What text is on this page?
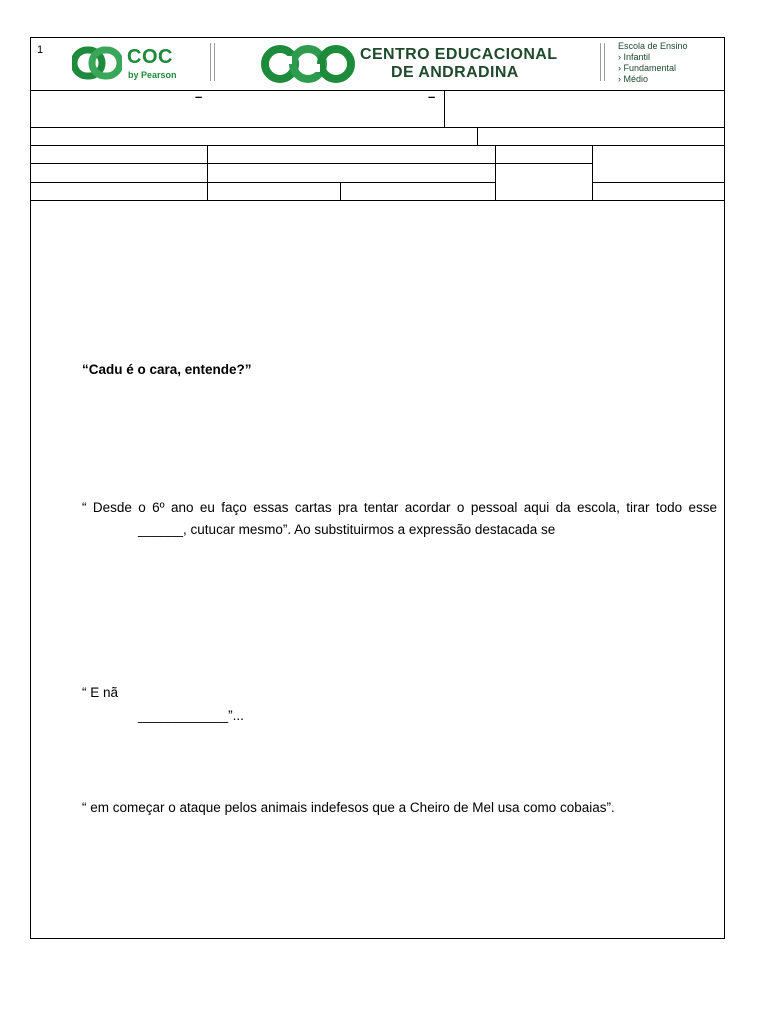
1	COC
by Pearson
CENTRO EDUCACIONAL
DE ANDRADINA
Escola de Ensino
› Infantil
› Fundamental
› Médio
–	–
“Cadu é o cara, entende?”
“ Desde o 6º ano eu faço essas cartas pra tentar acordar o pessoal aqui da escola, tirar todo esse
______, cutucar mesmo”. Ao substituirmos a expressão destacada se
“ E nã
____________”...
“ em começar o ataque pelos animais indefesos que a Cheiro de Mel usa como cobaias”.
